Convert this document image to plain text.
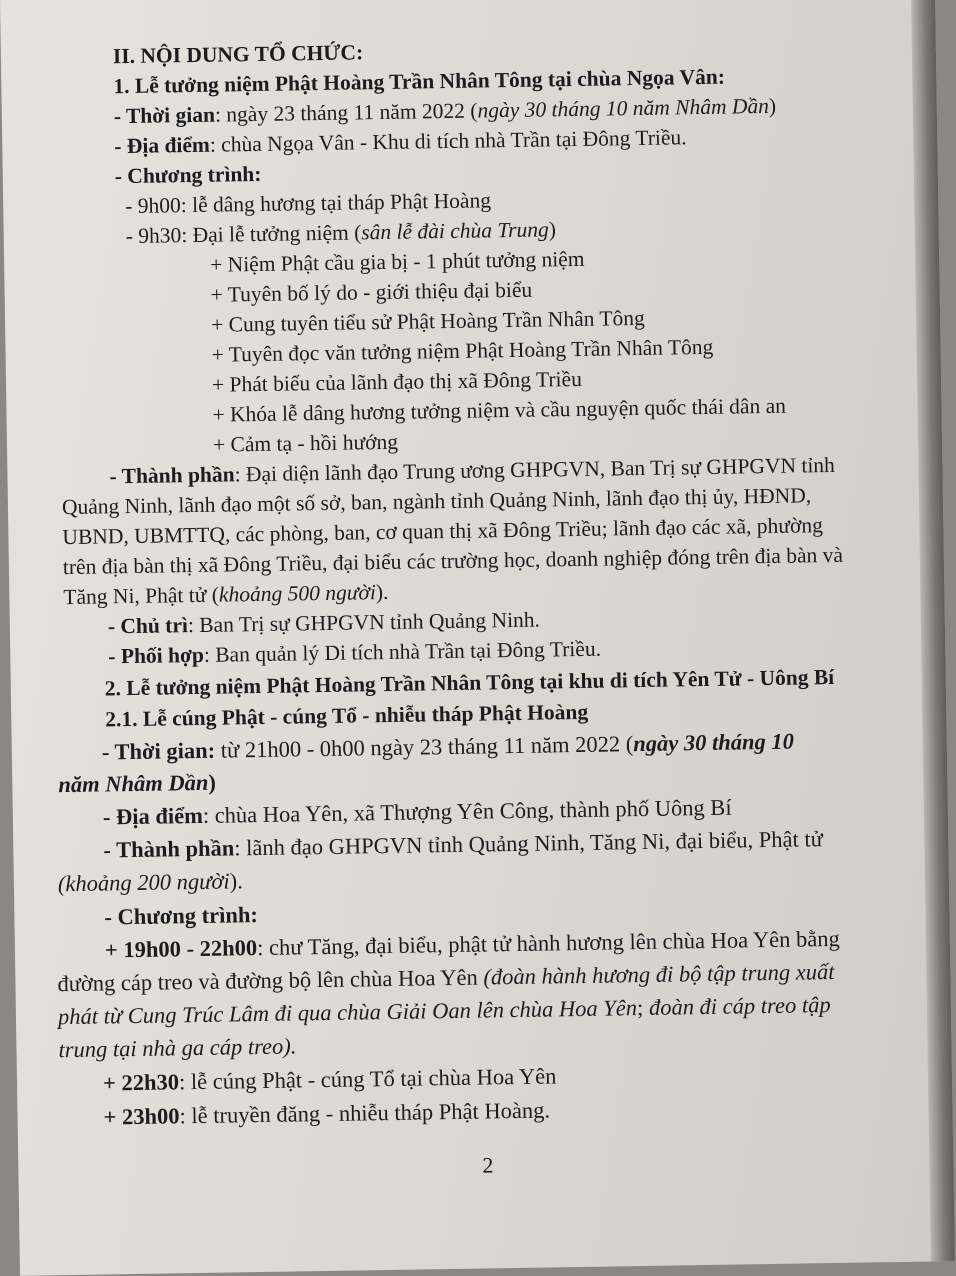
II. NỘI DUNG TỔ CHỨC:
1. Lễ tưởng niệm Phật Hoàng Trần Nhân Tông tại chùa Ngọa Vân:
- Thời gian: ngày 23 tháng 11 năm 2022 (ngày 30 tháng 10 năm Nhâm Dần)
- Địa điểm: chùa Ngọa Vân - Khu di tích nhà Trần tại Đông Triều.
- Chương trình:
- 9h00: lễ dâng hương tại tháp Phật Hoàng
- 9h30: Đại lễ tưởng niệm (sân lễ đài chùa Trung)
+ Niệm Phật cầu gia bị - 1 phút tưởng niệm
+ Tuyên bố lý do - giới thiệu đại biểu
+ Cung tuyên tiểu sử Phật Hoàng Trần Nhân Tông
+ Tuyên đọc văn tưởng niệm Phật Hoàng Trần Nhân Tông
+ Phát biểu của lãnh đạo thị xã Đông Triều
+ Khóa lễ dâng hương tưởng niệm và cầu nguyện quốc thái dân an
+ Cảm tạ - hồi hướng
- Thành phần: Đại diện lãnh đạo Trung ương GHPGVN, Ban Trị sự GHPGVN tỉnh
Quảng Ninh, lãnh đạo một số sở, ban, ngành tỉnh Quảng Ninh, lãnh đạo thị ủy, HĐND,
UBND, UBMTTQ, các phòng, ban, cơ quan thị xã Đông Triều; lãnh đạo các xã, phường
trên địa bàn thị xã Đông Triều, đại biểu các trường học, doanh nghiệp đóng trên địa bàn và
Tăng Ni, Phật tử (khoảng 500 người).
- Chủ trì: Ban Trị sự GHPGVN tỉnh Quảng Ninh.
- Phối hợp: Ban quản lý Di tích nhà Trần tại Đông Triều.
2. Lễ tưởng niệm Phật Hoàng Trần Nhân Tông tại khu di tích Yên Tử - Uông Bí
2.1. Lễ cúng Phật - cúng Tổ - nhiễu tháp Phật Hoàng
- Thời gian: từ 21h00 - 0h00 ngày 23 tháng 11 năm 2022 (ngày 30 tháng 10
năm Nhâm Dần)
- Địa điểm: chùa Hoa Yên, xã Thượng Yên Công, thành phố Uông Bí
- Thành phần: lãnh đạo GHPGVN tỉnh Quảng Ninh, Tăng Ni, đại biểu, Phật tử
(khoảng 200 người).
- Chương trình:
+ 19h00 - 22h00: chư Tăng, đại biểu, phật tử hành hương lên chùa Hoa Yên bằng
đường cáp treo và đường bộ lên chùa Hoa Yên (đoàn hành hương đi bộ tập trung xuất
phát từ Cung Trúc Lâm đi qua chùa Giải Oan lên chùa Hoa Yên; đoàn đi cáp treo tập
trung tại nhà ga cáp treo).
+ 22h30: lễ cúng Phật - cúng Tổ tại chùa Hoa Yên
+ 23h00: lễ truyền đăng - nhiễu tháp Phật Hoàng.
2
